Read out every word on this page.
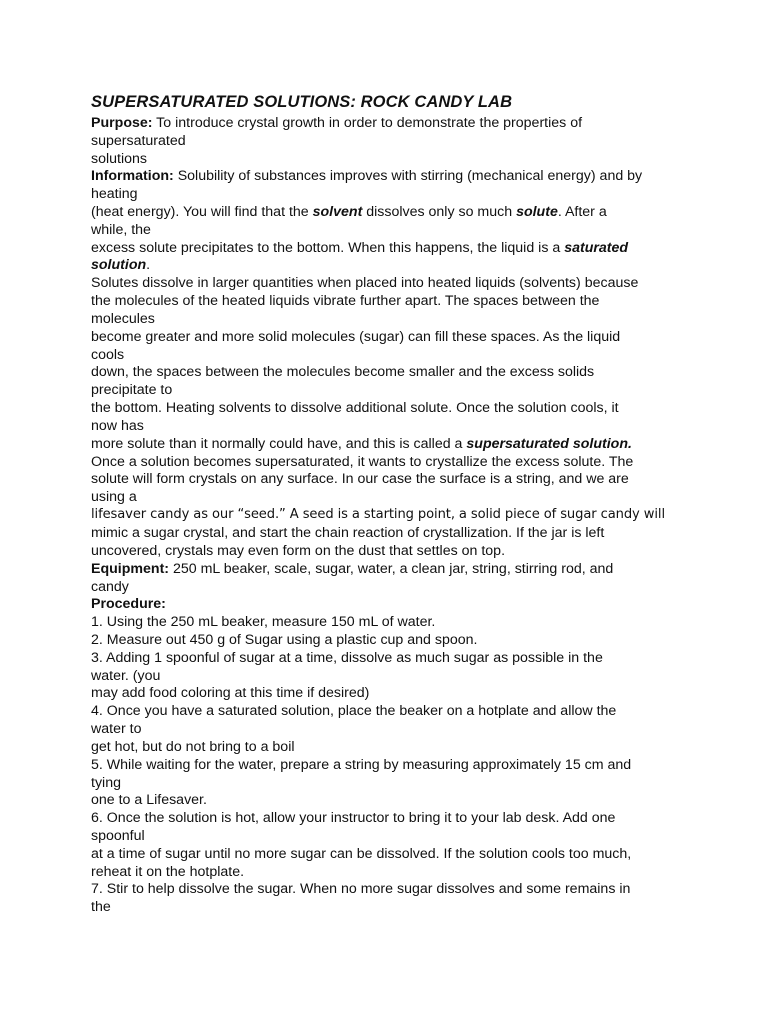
SUPERSATURATED SOLUTIONS: ROCK CANDY LAB
Purpose: To introduce crystal growth in order to demonstrate the properties of
supersaturated
solutions
Information: Solubility of substances improves with stirring (mechanical energy) and by
heating
(heat energy). You will find that the solvent dissolves only so much solute. After a
while, the
excess solute precipitates to the bottom. When this happens, the liquid is a saturated
solution.
Solutes dissolve in larger quantities when placed into heated liquids (solvents) because
the molecules of the heated liquids vibrate further apart. The spaces between the
molecules
become greater and more solid molecules (sugar) can fill these spaces. As the liquid
cools
down, the spaces between the molecules become smaller and the excess solids
precipitate to
the bottom. Heating solvents to dissolve additional solute. Once the solution cools, it
now has
more solute than it normally could have, and this is called a supersaturated solution.
Once a solution becomes supersaturated, it wants to crystallize the excess solute. The
solute will form crystals on any surface. In our case the surface is a string, and we are
using a
lifesaver candy as our “seed.” A seed is a starting point, a solid piece of sugar candy will
mimic a sugar crystal, and start the chain reaction of crystallization. If the jar is left
uncovered, crystals may even form on the dust that settles on top.
Equipment: 250 mL beaker, scale, sugar, water, a clean jar, string, stirring rod, and
candy
Procedure:
1. Using the 250 mL beaker, measure 150 mL of water.
2. Measure out 450 g of Sugar using a plastic cup and spoon.
3. Adding 1 spoonful of sugar at a time, dissolve as much sugar as possible in the
water. (you
may add food coloring at this time if desired)
4. Once you have a saturated solution, place the beaker on a hotplate and allow the
water to
get hot, but do not bring to a boil
5. While waiting for the water, prepare a string by measuring approximately 15 cm and
tying
one to a Lifesaver.
6. Once the solution is hot, allow your instructor to bring it to your lab desk. Add one
spoonful
at a time of sugar until no more sugar can be dissolved. If the solution cools too much,
reheat it on the hotplate.
7. Stir to help dissolve the sugar. When no more sugar dissolves and some remains in
the
